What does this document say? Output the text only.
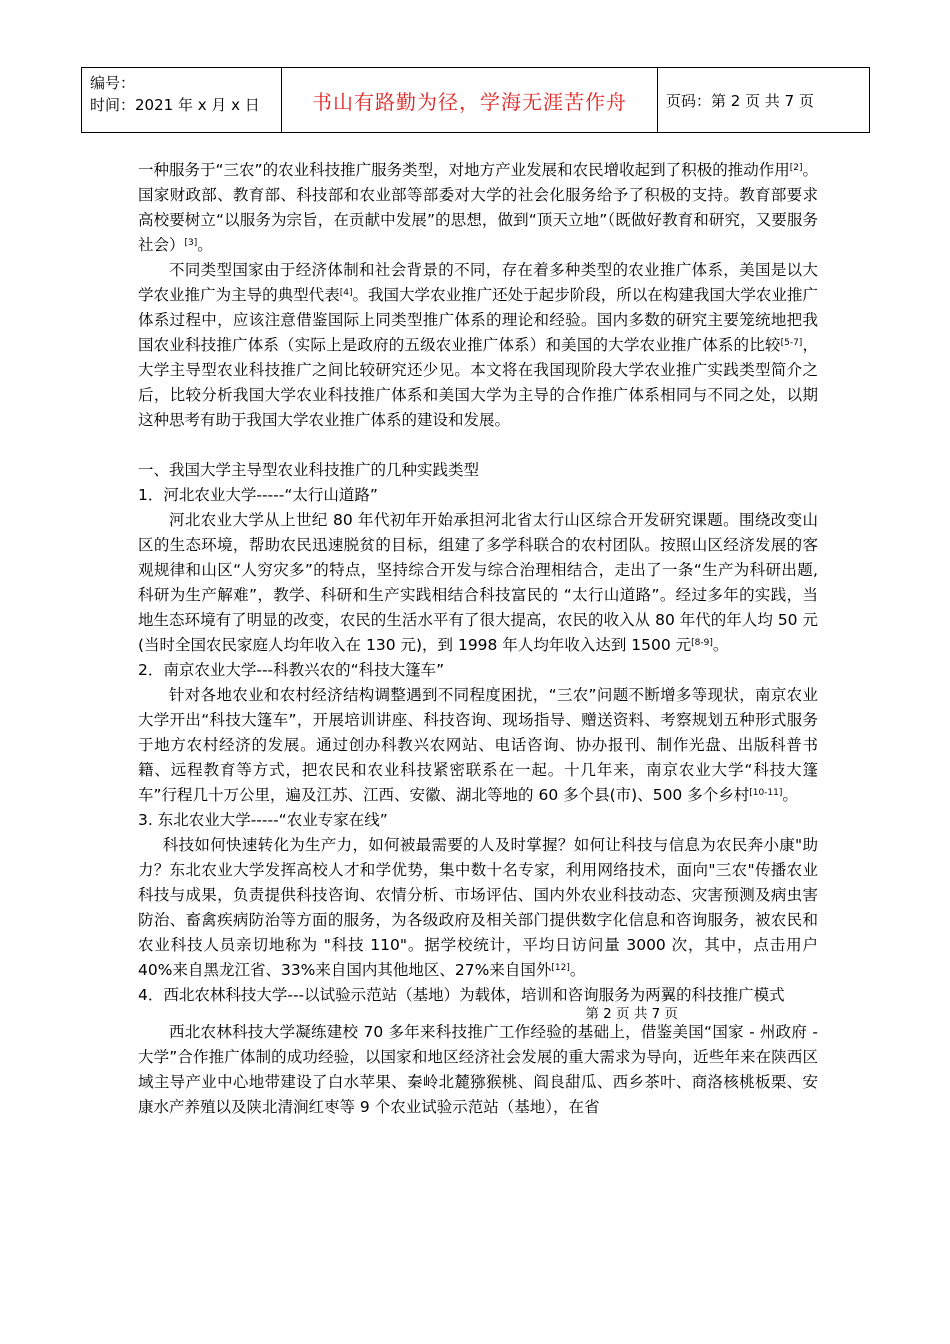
编号：
时间：2021 年 x 月 x 日	书山有路勤为径，学海无涯苦作舟	页码：第 2 页 共 7 页

一种服务于“三农”的农业科技推广服务类型，对地方产业发展和农民增收起到了积极的推动作用[2]。国家财政部、教育部、科技部和农业部等部委对大学的社会化服务给予了积极的支持。教育部要求高校要树立“以服务为宗旨，在贡献中发展”的思想，做到“顶天立地”（既做好教育和研究，又要服务社会）[3]。

不同类型国家由于经济体制和社会背景的不同，存在着多种类型的农业推广体系，美国是以大学农业推广为主导的典型代表[4]。我国大学农业推广还处于起步阶段，所以在构建我国大学农业推广体系过程中，应该注意借鉴国际上同类型推广体系的理论和经验。国内多数的研究主要笼统地把我国农业科技推广体系（实际上是政府的五级农业推广体系）和美国的大学农业推广体系的比较[5-7]，大学主导型农业科技推广之间比较研究还少见。本文将在我国现阶段大学农业推广实践类型简介之后，比较分析我国大学农业科技推广体系和美国大学为主导的合作推广体系相同与不同之处，以期这种思考有助于我国大学农业推广体系的建设和发展。

一、我国大学主导型农业科技推广的几种实践类型

1．河北农业大学-----“太行山道路”

河北农业大学从上世纪 80 年代初年开始承担河北省太行山区综合开发研究课题。围绕改变山区的生态环境，帮助农民迅速脱贫的目标，组建了多学科联合的农村团队。按照山区经济发展的客观规律和山区“人穷灾多”的特点，坚持综合开发与综合治理相结合，走出了一条“生产为科研出题,科研为生产解难”，教学、科研和生产实践相结合科技富民的 “太行山道路”。经过多年的实践，当地生态环境有了明显的改变，农民的生活水平有了很大提高，农民的收入从 80 年代的年人均 50 元 (当时全国农民家庭人均年收入在 130 元)，到 1998 年人均年收入达到 1500 元[8-9]。

2．南京农业大学---科教兴农的“科技大篷车”

针对各地农业和农村经济结构调整遇到不同程度困扰，“三农”问题不断增多等现状，南京农业大学开出“科技大篷车”，开展培训讲座、科技咨询、现场指导、赠送资料、考察规划五种形式服务于地方农村经济的发展。通过创办科教兴农网站、电话咨询、协办报刊、制作光盘、出版科普书籍、远程教育等方式，把农民和农业科技紧密联系在一起。十几年来，南京农业大学“科技大篷车”行程几十万公里，遍及江苏、江西、安徽、湖北等地的 60 多个县(市)、500 多个乡村[10-11]。

3. 东北农业大学-----“农业专家在线”

科技如何快速转化为生产力，如何被最需要的人及时掌握？如何让科技与信息为农民奔小康"助力？东北农业大学发挥高校人才和学优势，集中数十名专家，利用网络技术，面向"三农"传播农业科技与成果，负责提供科技咨询、农情分析、市场评估、国内外农业科技动态、灾害预测及病虫害防治、畜禽疾病防治等方面的服务，为各级政府及相关部门提供数字化信息和咨询服务，被农民和农业科技人员亲切地称为 "科技 110"。据学校统计，平均日访问量 3000 次，其中，点击用户 40%来自黑龙江省、33%来自国内其他地区、27%来自国外[12]。

4．西北农林科技大学---以试验示范站（基地）为载体，培训和咨询服务为两翼的科技推广模式

第 2 页 共 7 页

西北农林科技大学凝练建校 70 多年来科技推广工作经验的基础上，借鉴美国“国家 - 州政府 - 大学”合作推广体制的成功经验，以国家和地区经济社会发展的重大需求为导向，近些年来在陕西区域主导产业中心地带建设了白水苹果、秦岭北麓猕猴桃、阎良甜瓜、西乡茶叶、商洛核桃板栗、安康水产养殖以及陕北清涧红枣等 9 个农业试验示范站（基地），在省
